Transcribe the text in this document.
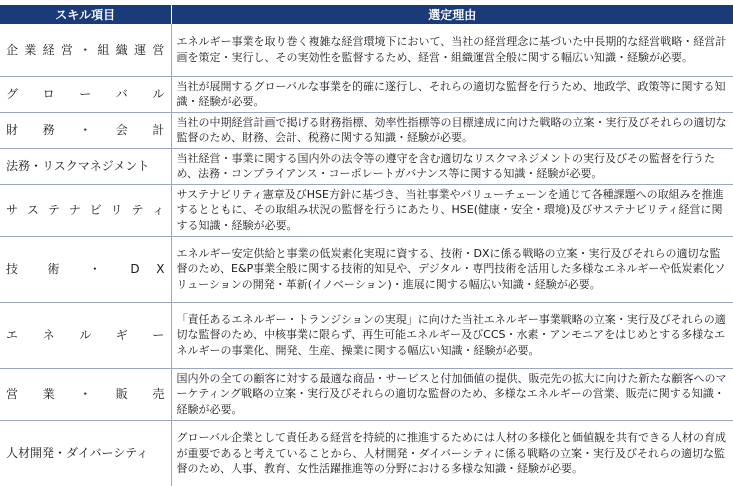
スキル項目	選定理由

企 業 経 営 ・ 組 織 運 営	エネルギー事業を取り巻く複雑な経営環境下において、当社の経営理念に基づいた中長期的な経営戦略・経営計画を策定・実行し、その実効性を監督するため、経営・組織運営全般に関する幅広い知識・経験が必要。

グ ロ ー バ ル	当社が展開するグローバルな事業を的確に遂行し、それらの適切な監督を行うため、地政学、政策等に関する知識・経験が必要。

財 務 ・ 会 計	当社の中期経営計画で掲げる財務指標、効率性指標等の目標達成に向けた戦略の立案・実行及びそれらの適切な監督のため、財務、会計、税務に関する知識・経験が必要。

法務・リスクマネジメント	当社経営・事業に関する国内外の法令等の遵守を含む適切なリスクマネジメントの実行及びその監督を行うため、法務・コンプライアンス・コーポレートガバナンス等に関する知識・経験が必要。

サ ス テ ナ ビ リ テ ィ	サステナビリティ憲章及びHSE方針に基づき、当社事業やバリューチェーンを通じて各種課題への取組みを推進するとともに、その取組み状況の監督を行うにあたり、HSE(健康・安全・環境)及びサステナビリティ経営に関する知識・経験が必要。

技 術 ・ D X	エネルギー安定供給と事業の低炭素化実現に資する、技術・DXに係る戦略の立案・実行及びそれらの適切な監督のため、E&P事業全般に関する技術的知見や、デジタル・専門技術を活用した多様なエネルギーや低炭素化ソリューションの開発・革新(イノベーション)・進展に関する幅広い知識・経験が必要。

エ ネ ル ギ ー	「責任あるエネルギー・トランジションの実現」に向けた当社エネルギー事業戦略の立案・実行及びそれらの適切な監督のため、中核事業に限らず、再生可能エネルギー及びCCS・水素・アンモニアをはじめとする多様なエネルギーの事業化、開発、生産、操業に関する幅広い知識・経験が必要。

営 業 ・ 販 売	国内外の全ての顧客に対する最適な商品・サービスと付加価値の提供、販売先の拡大に向けた新たな顧客へのマーケティング戦略の立案・実行及びそれらの適切な監督のため、多様なエネルギーの営業、販売に関する知識・経験が必要。

人材開発・ダイバーシティ	グローバル企業として責任ある経営を持続的に推進するためには人材の多様化と価値観を共有できる人材の育成が重要であると考えていることから、人材開発・ダイバーシティに係る戦略の立案・実行及びそれらの適切な監督のため、人事、教育、女性活躍推進等の分野における多様な知識・経験が必要。
